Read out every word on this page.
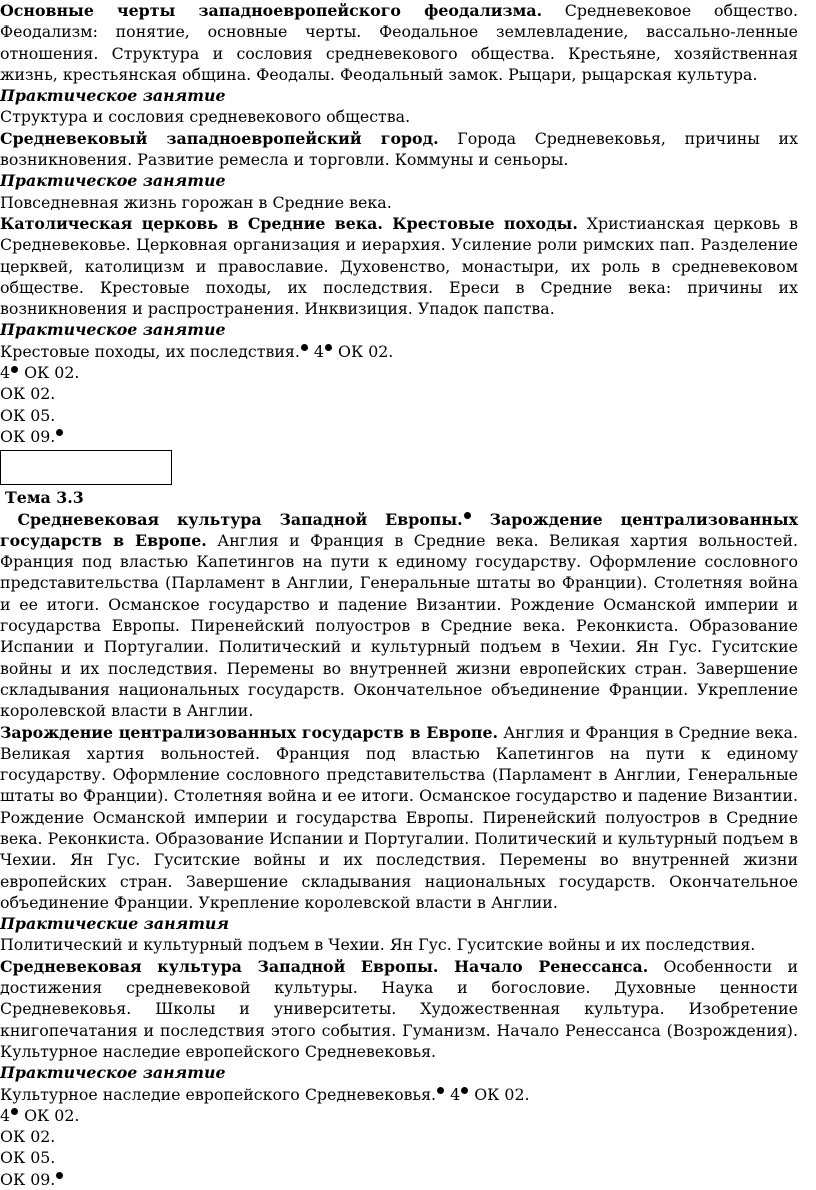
Основные черты западноевропейского феодализма. Средневековое общество. Феодализм: понятие, основные черты. Феодальное землевладение, вассально-ленные отношения. Структура и сословия средневекового общества. Крестьяне, хозяйственная жизнь, крестьянская община. Феодалы. Феодальный замок. Рыцари, рыцарская культура.

Практическое занятие

Структура и сословия средневекового общества.

Средневековый западноевропейский город. Города Средневековья, причины их возникновения. Развитие ремесла и торговли. Коммуны и сеньоры.

Практическое занятие

Повседневная жизнь горожан в Средние века.

Католическая церковь в Средние века. Крестовые походы. Христианская церковь в Средневековье. Церковная организация и иерархия. Усиление роли римских пап. Разделение церквей, католицизм и православие. Духовенство, монастыри, их роль в средневековом обществе. Крестовые походы, их последствия. Ереси в Средние века: причины их возникновения и распространения. Инквизиция. Упадок папства.

Практическое занятие

Крестовые походы, их последствия. 4 ОК 02.

4 ОК 02.

ОК 02.

ОК 05.

ОК 09.

Тема 3.3

Средневековая культура Западной Европы. Зарождение централизованных государств в Европе. Англия и Франция в Средние века. Великая хартия вольностей. Франция под властью Капетингов на пути к единому государству. Оформление сословного представительства (Парламент в Англии, Генеральные штаты во Франции). Столетняя война и ее итоги. Османское государство и падение Византии. Рождение Османской империи и государства Европы. Пиренейский полуостров в Средние века. Реконкиста. Образование Испании и Португалии. Политический и культурный подъем в Чехии. Ян Гус. Гуситские войны и их последствия. Перемены во внутренней жизни европейских стран. Завершение складывания национальных государств. Окончательное объединение Франции. Укрепление королевской власти в Англии.

Зарождение централизованных государств в Европе. Англия и Франция в Средние века. Великая хартия вольностей. Франция под властью Капетингов на пути к единому государству. Оформление сословного представительства (Парламент в Англии, Генеральные штаты во Франции). Столетняя война и ее итоги. Османское государство и падение Византии. Рождение Османской империи и государства Европы. Пиренейский полуостров в Средние века. Реконкиста. Образование Испании и Португалии. Политический и культурный подъем в Чехии. Ян Гус. Гуситские войны и их последствия. Перемены во внутренней жизни европейских стран. Завершение складывания национальных государств. Окончательное объединение Франции. Укрепление королевской власти в Англии.

Практические занятия

Политический и культурный подъем в Чехии. Ян Гус. Гуситские войны и их последствия.

Средневековая культура Западной Европы. Начало Ренессанса. Особенности и достижения средневековой культуры. Наука и богословие. Духовные ценности Средневековья. Школы и университеты. Художественная культура. Изобретение книгопечатания и последствия этого события. Гуманизм. Начало Ренессанса (Возрождения). Культурное наследие европейского Средневековья.

Практическое занятие

Культурное наследие европейского Средневековья. 4 ОК 02.

4 ОК 02.

ОК 02.

ОК 05.

ОК 09.
